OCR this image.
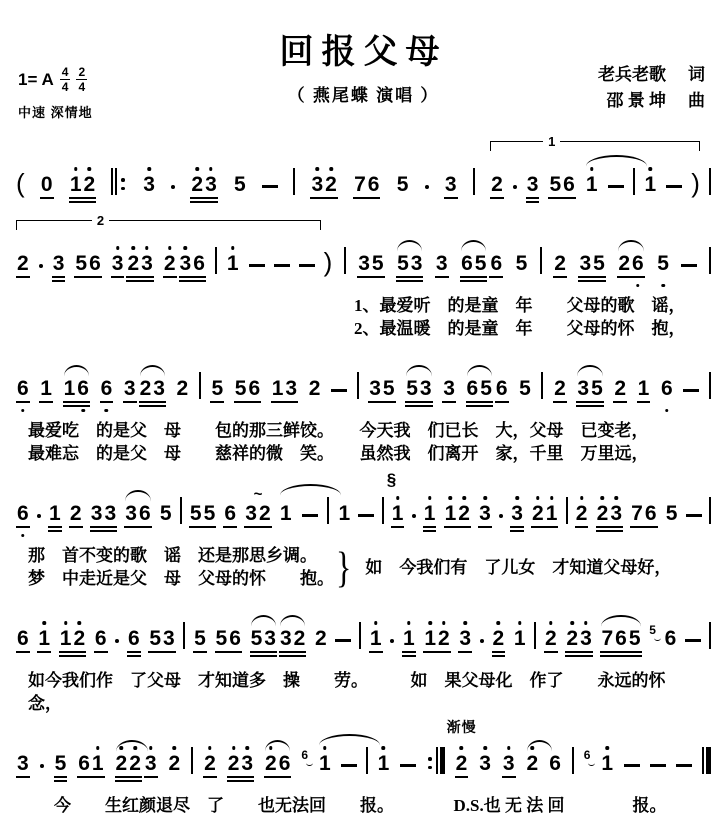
回报父母
（ 燕尾蝶 演唱 ）
1= A $\frac{4}{4} \frac{2}{4}$
中速 深情地
老兵老歌 词
邵 景 坤 曲
( 0 1 2 3 2 3 5	3 2 7 6 5 3
1
2 3 5 6 1 1 )
2
2 3 5 6 3 2 3 2 3 6 1	) 3 5 5 3 3 6 5 6 5 2 3 5 2 6 5
1、最爱听　的是童　年　　父母的歌　谣，
2、最温暖　的是童　年　　父母的怀　抱，
6 1 1 6 6 3 2 3 2 5 5 6 1 3 2 3 5 5 3 3 6 5 6 5 2 3 5 2 1 6
最爱吃　的是父　母　　包的那三鲜饺。　　今天我　们已长　大，父母　已变老，
最难忘　的是父　母　　慈祥的微　笑。　　虽然我　们离开　家，千里　万里远，
6 1 2 3 3 3 6 5 5 5 6 3 2
~
1 1 1
§
1 1 2 3 3 2 1 2 2 3 7 6 5
那　首不变的歌　谣　还是那思乡调。
梦　中走近是父　母　父母的怀　　抱。 } 如　今我们有　了儿女　才知道父母好，
6 1 1 2 6 6 5 3 5 5 6 5 3 3 2 2 1 1 1 2 3 2 1 2 2 3 7 6 5 5 6
如今我们作　了父母　才知道多　操　　劳。　　　如　果父母化　作了　　永远的怀　　　念，
3 5 6 1 2 2 3 2 2 2 3 2 6 6 1 1	2
渐慢
3 3 2 6 6 1
今　　生红颜退尽　了　　也无法回　　报。　　　　D.S.也 无 法 回　　　　报。
